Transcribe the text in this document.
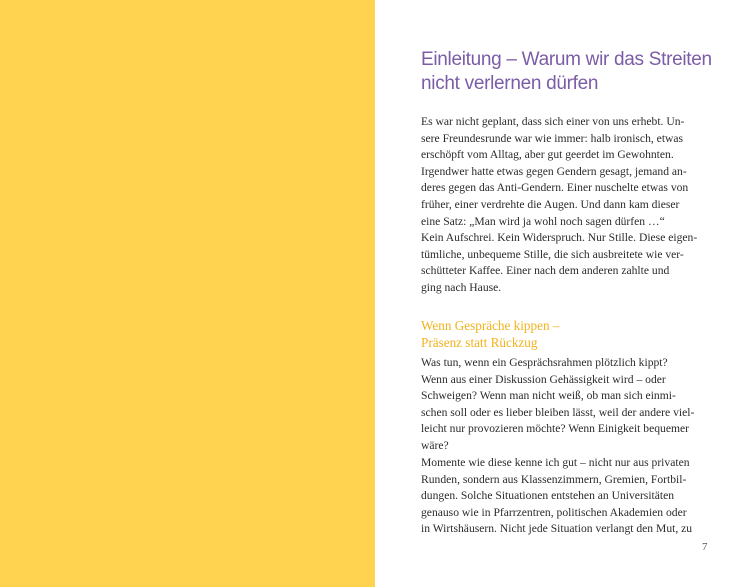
Einleitung – Warum wir das Streiten
nicht verlernen dürfen

Es war nicht geplant, dass sich einer von uns erhebt. Un-
sere Freundesrunde war wie immer: halb ironisch, etwas
erschöpft vom Alltag, aber gut geerdet im Gewohnten.
Irgendwer hatte etwas gegen Gendern gesagt, jemand an-
deres gegen das Anti-Gendern. Einer nuschelte etwas von
früher, einer verdrehte die Augen. Und dann kam dieser
eine Satz: „Man wird ja wohl noch sagen dürfen …“
Kein Aufschrei. Kein Widerspruch. Nur Stille. Diese eigen-
tümliche, unbequeme Stille, die sich ausbreitete wie ver-
schütteter Kaffee. Einer nach dem anderen zahlte und
ging nach Hause.

Wenn Gespräche kippen –
Präsenz statt Rückzug

Was tun, wenn ein Gesprächsrahmen plötzlich kippt?
Wenn aus einer Diskussion Gehässigkeit wird – oder
Schweigen? Wenn man nicht weiß, ob man sich einmi-
schen soll oder es lieber bleiben lässt, weil der andere viel-
leicht nur provozieren möchte? Wenn Einigkeit bequemer
wäre?

Momente wie diese kenne ich gut – nicht nur aus privaten
Runden, sondern aus Klassenzimmern, Gremien, Fortbil-
dungen. Solche Situationen entstehen an Universitäten
genauso wie in Pfarrzentren, politischen Akademien oder
in Wirtshäusern. Nicht jede Situation verlangt den Mut, zu

7
